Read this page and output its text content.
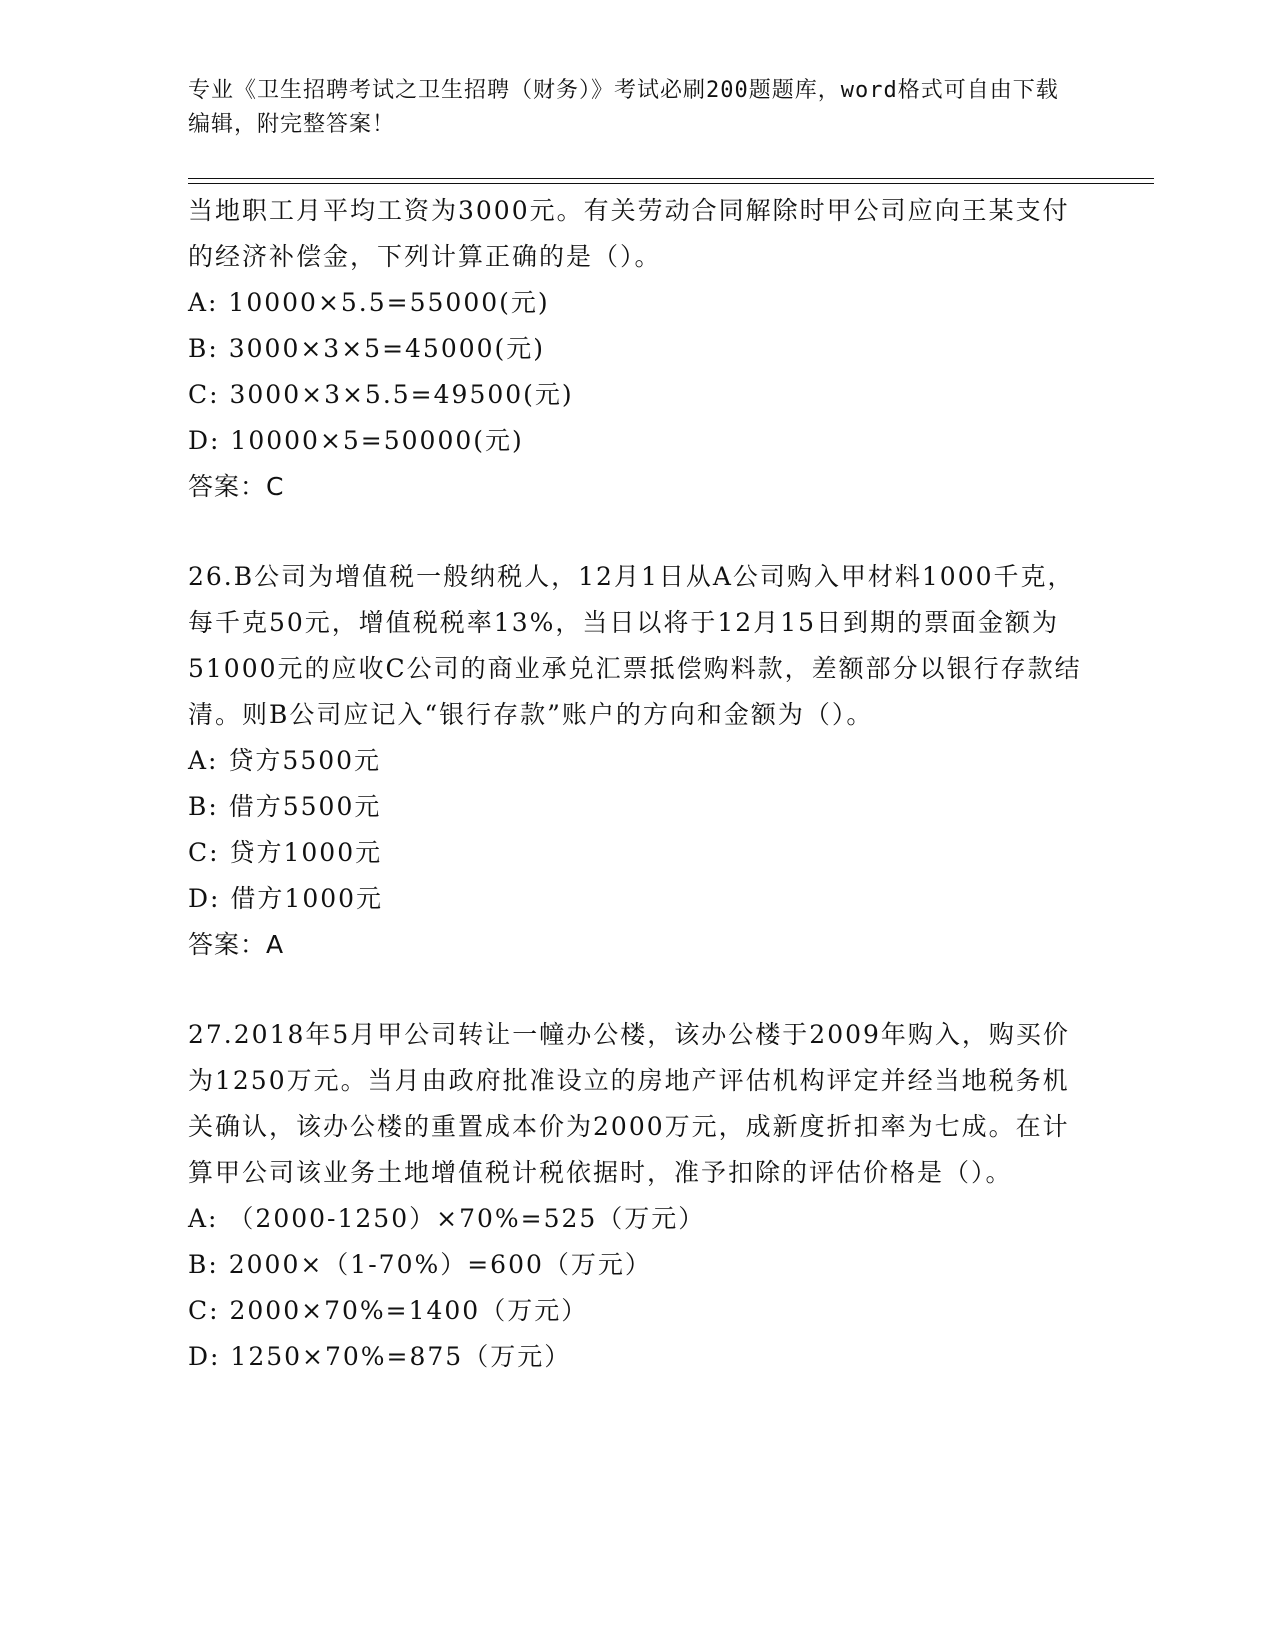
专业《卫生招聘考试之卫生招聘（财务）》考试必刷200题题库，word格式可自由下载编辑，附完整答案！

当地职工月平均工资为3000元。有关劳动合同解除时甲公司应向王某支付的经济补偿金，下列计算正确的是（）。

A: 10000×5.5=55000(元)

B: 3000×3×5=45000(元)

C: 3000×3×5.5=49500(元)

D: 10000×5=50000(元)

答案：C

26.B公司为增值税一般纳税人，12月1日从A公司购入甲材料1000千克，每千克50元，增值税税率13%，当日以将于12月15日到期的票面金额为51000元的应收C公司的商业承兑汇票抵偿购料款，差额部分以银行存款结清。则B公司应记入“银行存款”账户的方向和金额为（）。

A: 贷方5500元

B: 借方5500元

C: 贷方1000元

D: 借方1000元

答案：A

27.2018年5月甲公司转让一幢办公楼，该办公楼于2009年购入，购买价为1250万元。当月由政府批准设立的房地产评估机构评定并经当地税务机关确认，该办公楼的重置成本价为2000万元，成新度折扣率为七成。在计算甲公司该业务土地增值税计税依据时，准予扣除的评估价格是（）。

A: （2000-1250）×70%=525（万元）

B: 2000×（1-70%）=600（万元）

C: 2000×70%=1400（万元）

D: 1250×70%=875（万元）
